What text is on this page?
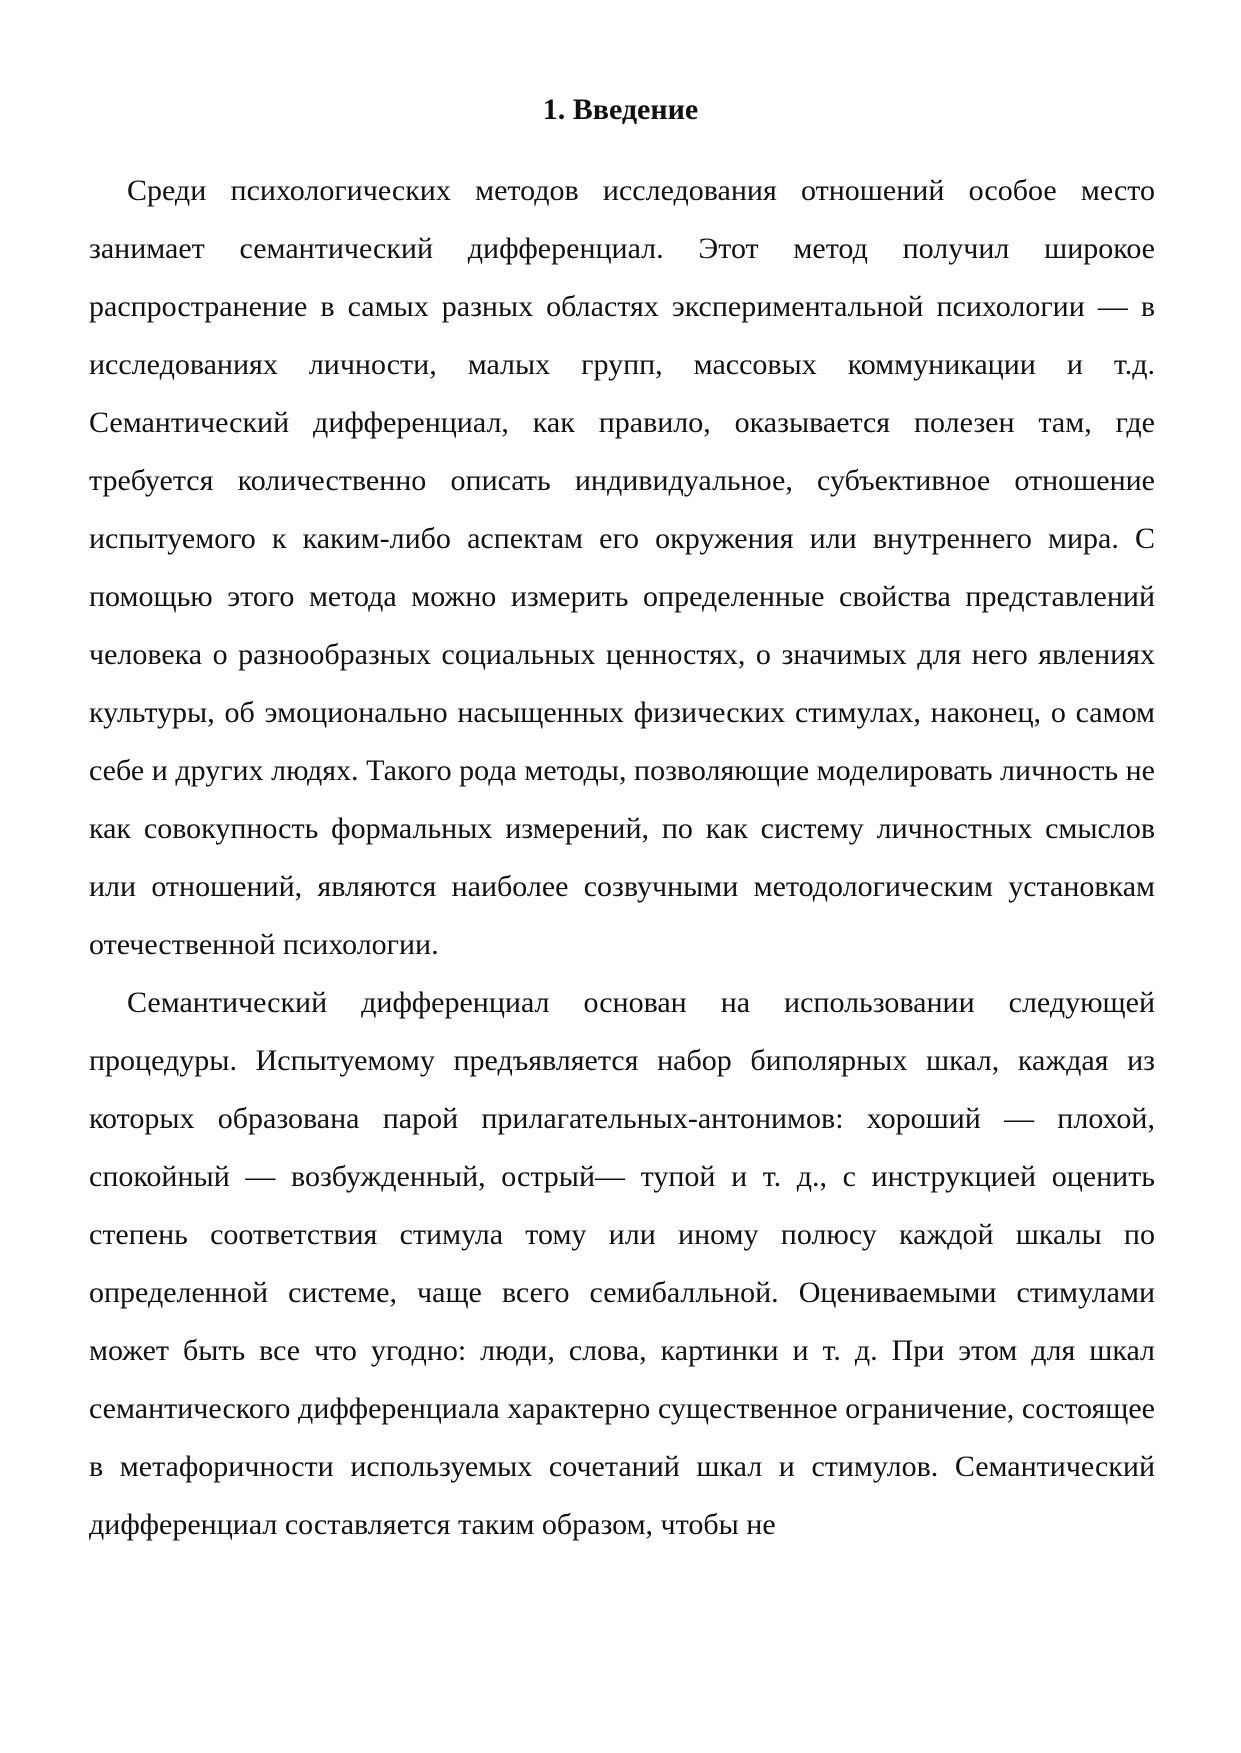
1. Введение

Среди психологических методов исследования отношений особое место занимает семантический дифференциал. Этот метод получил широкое распространение в самых разных областях экспериментальной психологии — в исследованиях личности, малых групп, массовых коммуникации и т.д. Семантический дифференциал, как правило, оказывается полезен там, где требуется количественно описать индивидуальное, субъективное отношение испытуемого к каким-либо аспектам его окружения или внутреннего мира. С помощью этого метода можно измерить определенные свойства представлений человека о разнообразных социальных ценностях, о значимых для него явлениях культуры, об эмоционально насыщенных физических стимулах, наконец, о самом себе и других людях. Такого рода методы, позволяющие моделировать личность не как совокупность формальных измерений, по как систему личностных смыслов или отношений, являются наиболее созвучными методологическим установкам отечественной психологии.

Семантический дифференциал основан на использовании следующей процедуры. Испытуемому предъявляется набор биполярных шкал, каждая из которых образована парой прилагательных-антонимов: хороший — плохой, спокойный — возбужденный, острый— тупой и т. д., с инструкцией оценить степень соответствия стимула тому или иному полюсу каждой шкалы по определенной системе, чаще всего семибалльной. Оцениваемыми стимулами может быть все что угодно: люди, слова, картинки и т. д. При этом для шкал семантического дифференциала характерно существенное ограничение, состоящее в метафоричности используемых сочетаний шкал и стимулов. Семантический дифференциал составляется таким образом, чтобы не
